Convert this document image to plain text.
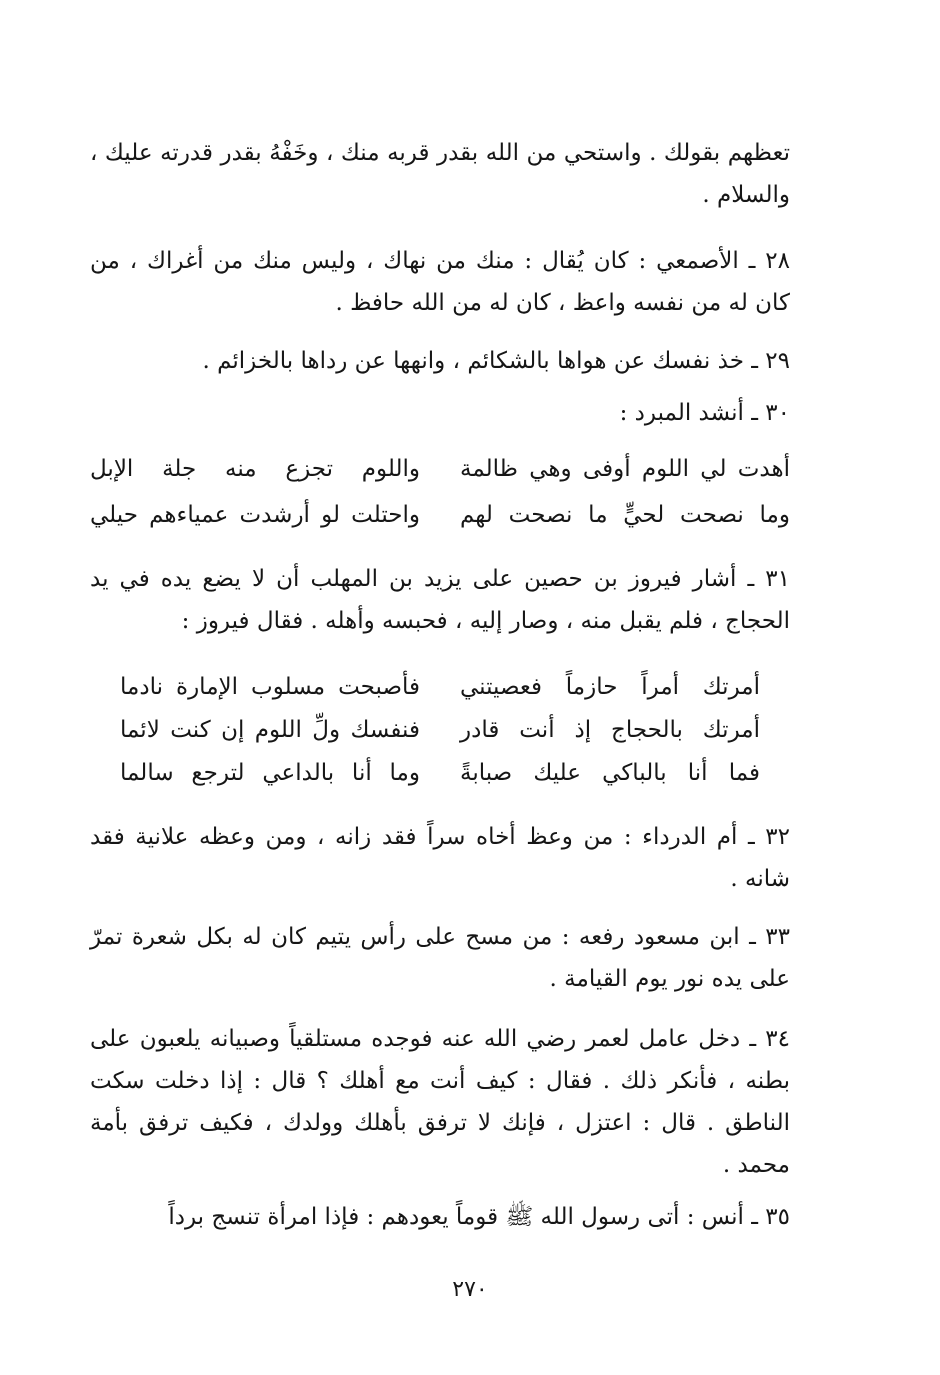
تعظهم بقولك . واستحي من الله بقدر قربه منك ، وخَفْهُ بقدر قدرته عليك ، والسلام .
٢٨ ـ الأصمعي : كان يُقال : منك من نهاك ، وليس منك من أغراك ، من كان له من نفسه واعظ ، كان له من الله حافظ .
٢٩ ـ خذ نفسك عن هواها بالشكائم ، وانهها عن رداها بالخزائم .
٣٠ ـ أنشد المبرد :
أهدت لي اللوم أوفى وهي ظالمة
واللوم تجزع منه جلة الإبل
وما نصحت لحيٍّ ما نصحت لهم
واحتلت لو أرشدت عمياءهم حيلي
٣١ ـ أشار فيروز بن حصين على يزيد بن المهلب أن لا يضع يده في يد الحجاج ، فلم يقبل منه ، وصار إليه ، فحبسه وأهله . فقال فيروز :
أمرتك أمراً حازماً فعصيتني
فأصبحت مسلوب الإمارة نادما
أمرتك بالحجاج إذ أنت قادر
فنفسك ولِّ اللوم إن كنت لائما
فما أنا بالباكي عليك صبابةً
وما أنا بالداعي لترجع سالما
٣٢ ـ أم الدرداء : من وعظ أخاه سراً فقد زانه ، ومن وعظه علانية فقد شانه .
٣٣ ـ ابن مسعود رفعه : من مسح على رأس يتيم كان له بكل شعرة تمرّ على يده نور يوم القيامة .
٣٤ ـ دخل عامل لعمر رضي الله عنه فوجده مستلقياً وصبيانه يلعبون على بطنه ، فأنكر ذلك . فقال : كيف أنت مع أهلك ؟ قال : إذا دخلت سكت الناطق . قال : اعتزل ، فإنك لا ترفق بأهلك وولدك ، فكيف ترفق بأمة محمد .
٣٥ ـ أنس : أتى رسول الله ﷺ قوماً يعودهم : فإذا امرأة تنسج برداً
٢٧٠
